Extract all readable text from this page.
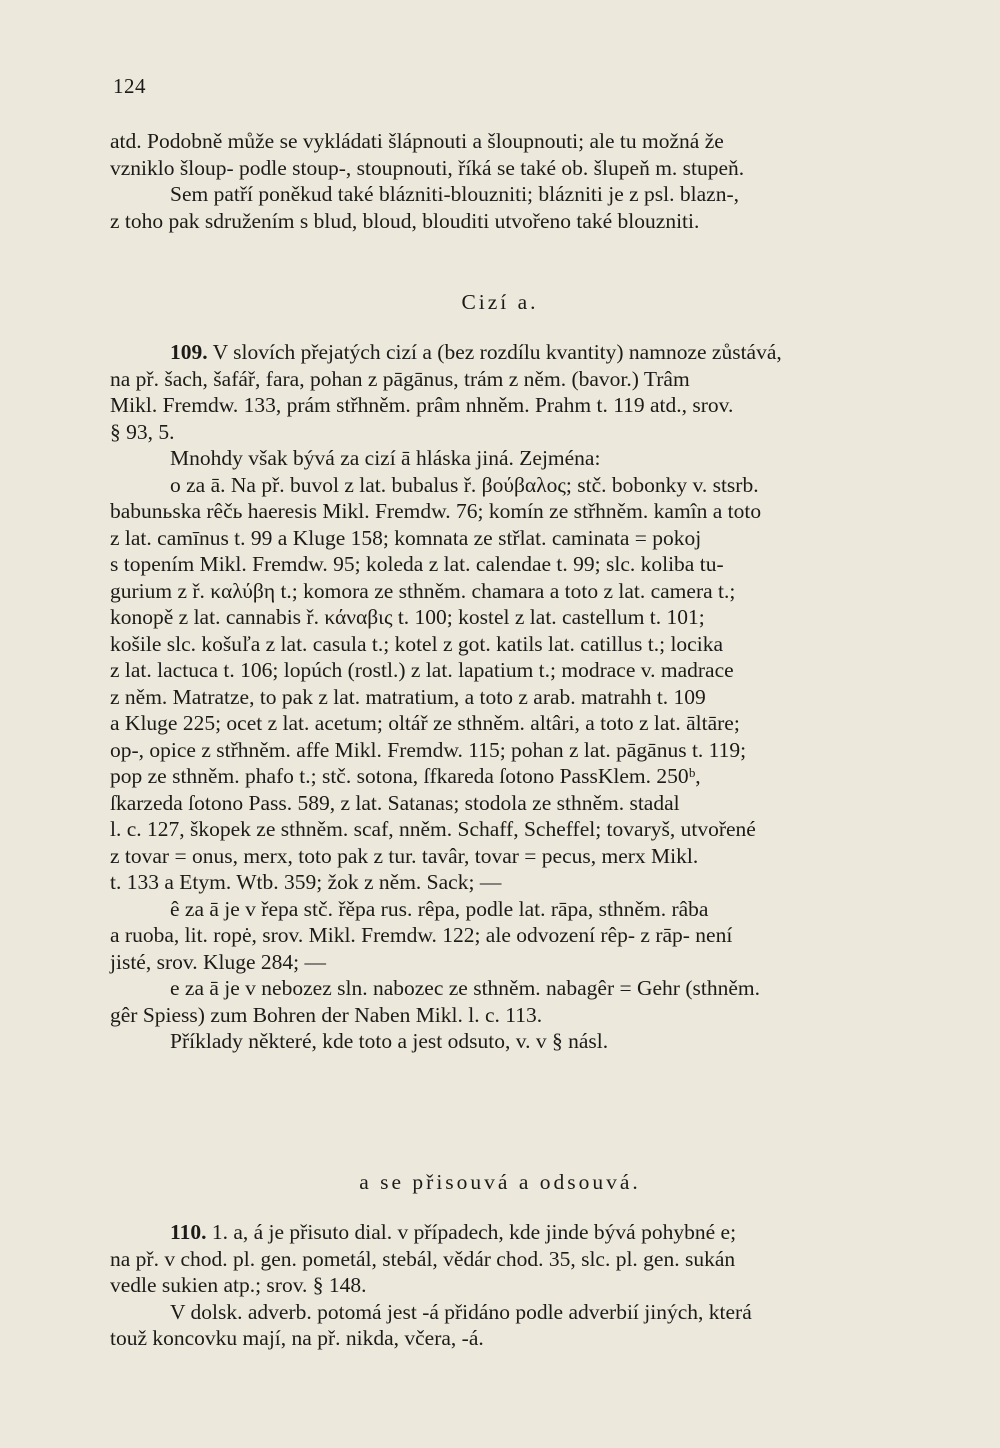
124
atd. Podobně může se vykládati šlápnouti a šloupnouti; ale tu možná že
vzniklo šloup- podle stoup-, stoupnouti, říká se také ob. šlupeň m. stupeň.
Sem patří poněkud také blázniti-blouzniti; blázniti je z psl. blazn-,
z toho pak sdružením s blud, bloud, blouditi utvořeno také blouzniti.
Cizí a.
109. V slovích přejatých cizí a (bez rozdílu kvantity) namnoze zůstává,
na př. šach, šafář, fara, pohan z pāgānus, trám z něm. (bavor.) Trâm
Mikl. Fremdw. 133, prám střhněm. prâm nhněm. Prahm t. 119 atd., srov.
§ 93, 5.
Mnohdy však bývá za cizí ā hláska jiná. Zejména:
o za ā. Na př. buvol z lat. bubalus ř. βούβαλος; stč. bobonky v. stsrb.
babunьska rêčь haeresis Mikl. Fremdw. 76; komín ze střhněm. kamîn a toto
z lat. camīnus t. 99 a Kluge 158; komnata ze střlat. caminata = pokoj
s topením Mikl. Fremdw. 95; koleda z lat. calendae t. 99; slc. koliba tu-
gurium z ř. καλύβη t.; komora ze sthněm. chamara a toto z lat. camera t.;
konopě z lat. cannabis ř. κάναβις t. 100; kostel z lat. castellum t. 101;
košile slc. košuľa z lat. casula t.; kotel z got. katils lat. catillus t.; locika
z lat. lactuca t. 106; lopúch (rostl.) z lat. lapatium t.; modrace v. madrace
z něm. Matratze, to pak z lat. matratium, a toto z arab. matrahh t. 109
a Kluge 225; ocet z lat. acetum; oltář ze sthněm. altâri, a toto z lat. āltāre;
op-, opice z střhněm. affe Mikl. Fremdw. 115; pohan z lat. pāgānus t. 119;
pop ze sthněm. phafo t.; stč. sotona, ſfkareda ſotono PassKlem. 250ᵇ,
ſkarzeda ſotono Pass. 589, z lat. Satanas; stodola ze sthněm. stadal
l. c. 127, škopek ze sthněm. scaf, nněm. Schaff, Scheffel; tovaryš, utvořené
z tovar = onus, merx, toto pak z tur. tavâr, tovar = pecus, merx Mikl.
t. 133 a Etym. Wtb. 359; žok z něm. Sack; —
ê za ā je v řepa stč. řěpa rus. rêpa, podle lat. rāpa, sthněm. râba
a ruoba, lit. ropė, srov. Mikl. Fremdw. 122; ale odvození rêp- z rāp- není
jisté, srov. Kluge 284; —
e za ā je v nebozez sln. nabozec ze sthněm. nabagêr = Gehr (sthněm.
gêr Spiess) zum Bohren der Naben Mikl. l. c. 113.
Příklady některé, kde toto a jest odsuto, v. v § násl.
a se přisouvá a odsouvá.
110. 1. a, á je přisuto dial. v případech, kde jinde bývá pohybné e;
na př. v chod. pl. gen. pometál, stebál, vědár chod. 35, slc. pl. gen. sukán
vedle sukien atp.; srov. § 148.
V dolsk. adverb. potomá jest -á přidáno podle adverbií jiných, která
touž koncovku mají, na př. nikda, včera, -á.
